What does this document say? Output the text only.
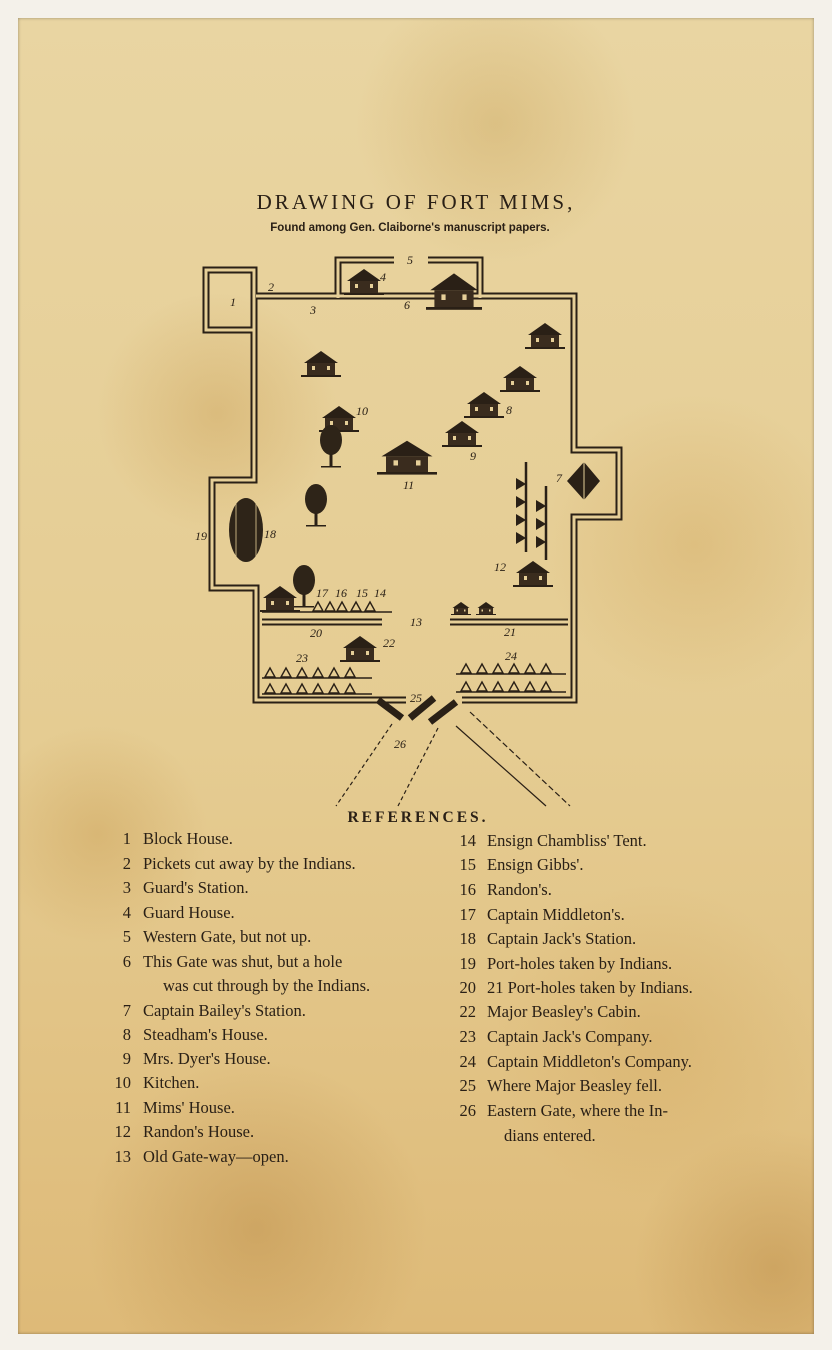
DRAWING OF FORT MIMS,
Found among Gen. Claiborne's manuscript papers.
1
2
3
4
5
6
7
8
9
10
11
12
13
14
15
16
17
18
19
20	21
22
23	24
25
26
REFERENCES.
1 Block House.
2 Pickets cut away by the Indians.
3 Guard's Station.
4 Guard House.
5 Western Gate, but not up.
6 This Gate was shut, but a hole
was cut through by the Indians.
7 Captain Bailey's Station.
8 Steadham's House.
9 Mrs. Dyer's House.
10 Kitchen.
11 Mims' House.
12 Randon's House.
13 Old Gate-way—open.
14 Ensign Chambliss' Tent.
15 Ensign Gibbs'.
16 Randon's.
17 Captain Middleton's.
18 Captain Jack's Station.
19 Port-holes taken by Indians.
20 21 Port-holes taken by Indians.
22 Major Beasley's Cabin.
23 Captain Jack's Company.
24 Captain Middleton's Company.
25 Where Major Beasley fell.
26 Eastern Gate, where the In-
dians entered.
